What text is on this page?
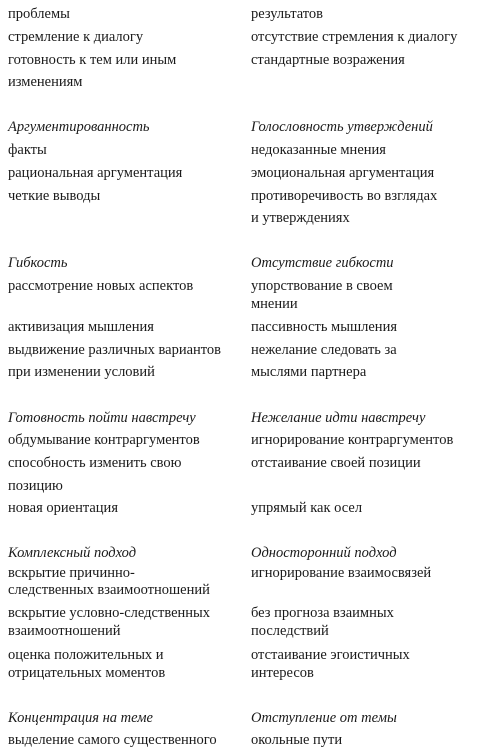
проблемы
стремление к диалогу
готовность к тем или иным
изменениям
Аргументированность
факты
рациональная аргументация
четкие выводы
Гибкость
рассмотрение новых аспектов
активизация мышления
выдвижение различных вариантов
при изменении условий
Готовность пойти навстречу
обдумывание контраргументов
способность изменить свою
позицию
новая ориентация
Комплексный подход
вскрытие причинно-
следственных взаимоотношений
вскрытие условно-следственных
взаимоотношений
оценка положительных и
отрицательных моментов
Концентрация на теме
выделение самого существенного
результатов
отсутствие стремления к диалогу
стандартные возражения
Голословность утверждений
недоказанные мнения
эмоциональная аргументация
противоречивость во взглядах
и утверждениях
Отсутствие гибкости
упорствование в своем
мнении
пассивность мышления
нежелание следовать за
мыслями партнера
Нежелание идти навстречу
игнорирование контраргументов
отстаивание своей позиции
упрямый как осел
Односторонний подход
игнорирование взаимосвязей
без прогноза взаимных
последствий
отстаивание эгоистичных
интересов
Отступление от темы
окольные пути
